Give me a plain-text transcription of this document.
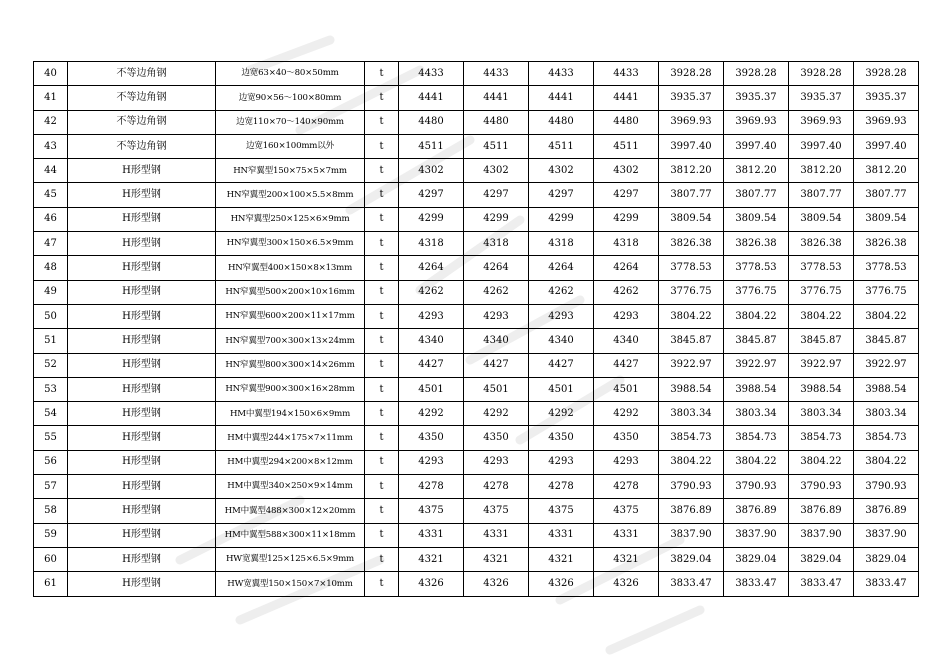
40	不等边角钢	边宽63×40～80×50mm	t	4433	4433	4433	4433	3928.28	3928.28	3928.28	3928.28
41	不等边角钢	边宽90×56～100×80mm	t	4441	4441	4441	4441	3935.37	3935.37	3935.37	3935.37
42	不等边角钢	边宽110×70～140×90mm	t	4480	4480	4480	4480	3969.93	3969.93	3969.93	3969.93
43	不等边角钢	边宽160×100mm以外	t	4511	4511	4511	4511	3997.40	3997.40	3997.40	3997.40
44	H形型钢	HN窄翼型150×75×5×7mm	t	4302	4302	4302	4302	3812.20	3812.20	3812.20	3812.20
45	H形型钢	HN窄翼型200×100×5.5×8mm	t	4297	4297	4297	4297	3807.77	3807.77	3807.77	3807.77
46	H形型钢	HN窄翼型250×125×6×9mm	t	4299	4299	4299	4299	3809.54	3809.54	3809.54	3809.54
47	H形型钢	HN窄翼型300×150×6.5×9mm	t	4318	4318	4318	4318	3826.38	3826.38	3826.38	3826.38
48	H形型钢	HN窄翼型400×150×8×13mm	t	4264	4264	4264	4264	3778.53	3778.53	3778.53	3778.53
49	H形型钢	HN窄翼型500×200×10×16mm	t	4262	4262	4262	4262	3776.75	3776.75	3776.75	3776.75
50	H形型钢	HN窄翼型600×200×11×17mm	t	4293	4293	4293	4293	3804.22	3804.22	3804.22	3804.22
51	H形型钢	HN窄翼型700×300×13×24mm	t	4340	4340	4340	4340	3845.87	3845.87	3845.87	3845.87
52	H形型钢	HN窄翼型800×300×14×26mm	t	4427	4427	4427	4427	3922.97	3922.97	3922.97	3922.97
53	H形型钢	HN窄翼型900×300×16×28mm	t	4501	4501	4501	4501	3988.54	3988.54	3988.54	3988.54
54	H形型钢	HM中翼型194×150×6×9mm	t	4292	4292	4292	4292	3803.34	3803.34	3803.34	3803.34
55	H形型钢	HM中翼型244×175×7×11mm	t	4350	4350	4350	4350	3854.73	3854.73	3854.73	3854.73
56	H形型钢	HM中翼型294×200×8×12mm	t	4293	4293	4293	4293	3804.22	3804.22	3804.22	3804.22
57	H形型钢	HM中翼型340×250×9×14mm	t	4278	4278	4278	4278	3790.93	3790.93	3790.93	3790.93
58	H形型钢	HM中翼型488×300×12×20mm	t	4375	4375	4375	4375	3876.89	3876.89	3876.89	3876.89
59	H形型钢	HM中翼型588×300×11×18mm	t	4331	4331	4331	4331	3837.90	3837.90	3837.90	3837.90
60	H形型钢	HW宽翼型125×125×6.5×9mm	t	4321	4321	4321	4321	3829.04	3829.04	3829.04	3829.04
61	H形型钢	HW宽翼型150×150×7×10mm	t	4326	4326	4326	4326	3833.47	3833.47	3833.47	3833.47
